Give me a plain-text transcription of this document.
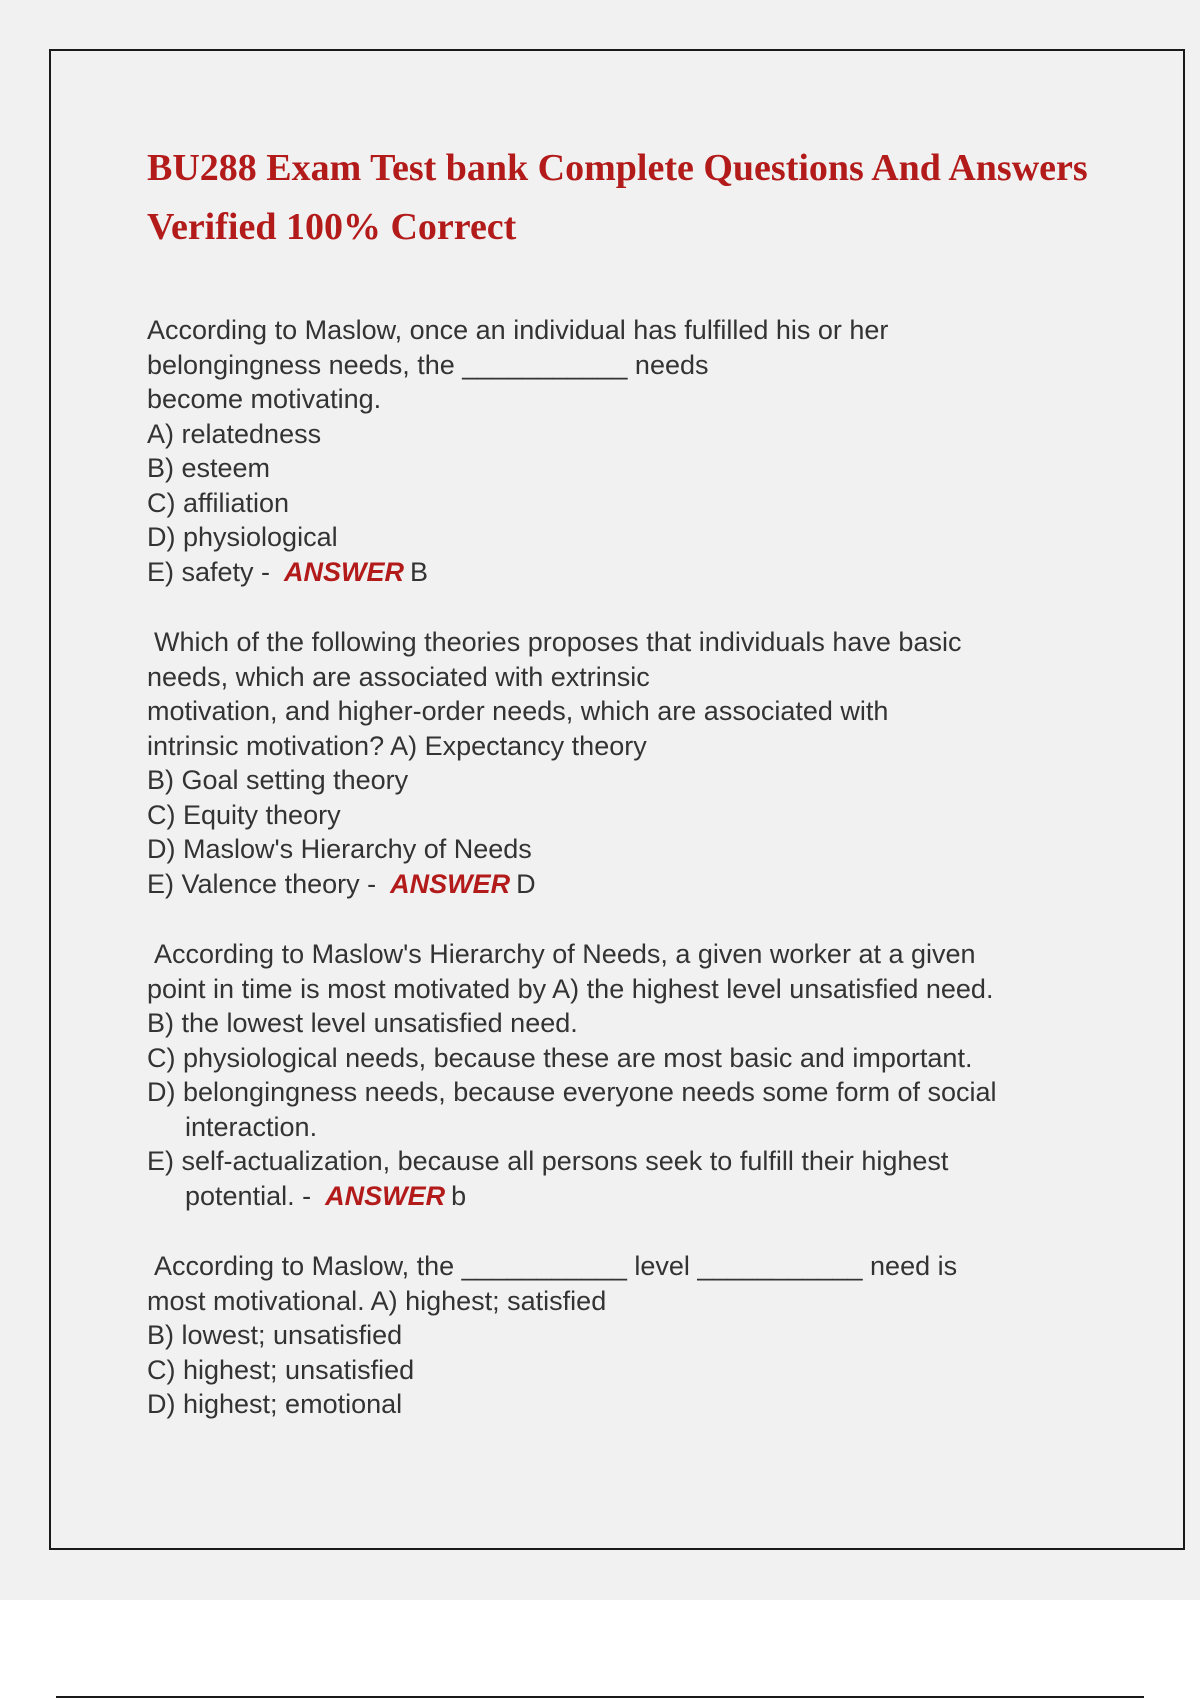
BU288 Exam Test bank Complete Questions And Answers Verified 100% Correct
According to Maslow, once an individual has fulfilled his or her
belongingness needs, the ___________ needs
become motivating.
A) relatedness
B) esteem
C) affiliation
D) physiological
E) safety - ANSWER B
Which of the following theories proposes that individuals have basic
needs, which are associated with extrinsic
motivation, and higher-order needs, which are associated with
intrinsic motivation? A) Expectancy theory
B) Goal setting theory
C) Equity theory
D) Maslow's Hierarchy of Needs
E) Valence theory - ANSWER D
According to Maslow's Hierarchy of Needs, a given worker at a given
point in time is most motivated by A) the highest level unsatisfied need.
B) the lowest level unsatisfied need.
C) physiological needs, because these are most basic and important.
D) belongingness needs, because everyone needs some form of social
interaction.
E) self-actualization, because all persons seek to fulfill their highest
potential. - ANSWER b
According to Maslow, the ___________ level ___________ need is
most motivational. A) highest; satisfied
B) lowest; unsatisfied
C) highest; unsatisfied
D) highest; emotional
